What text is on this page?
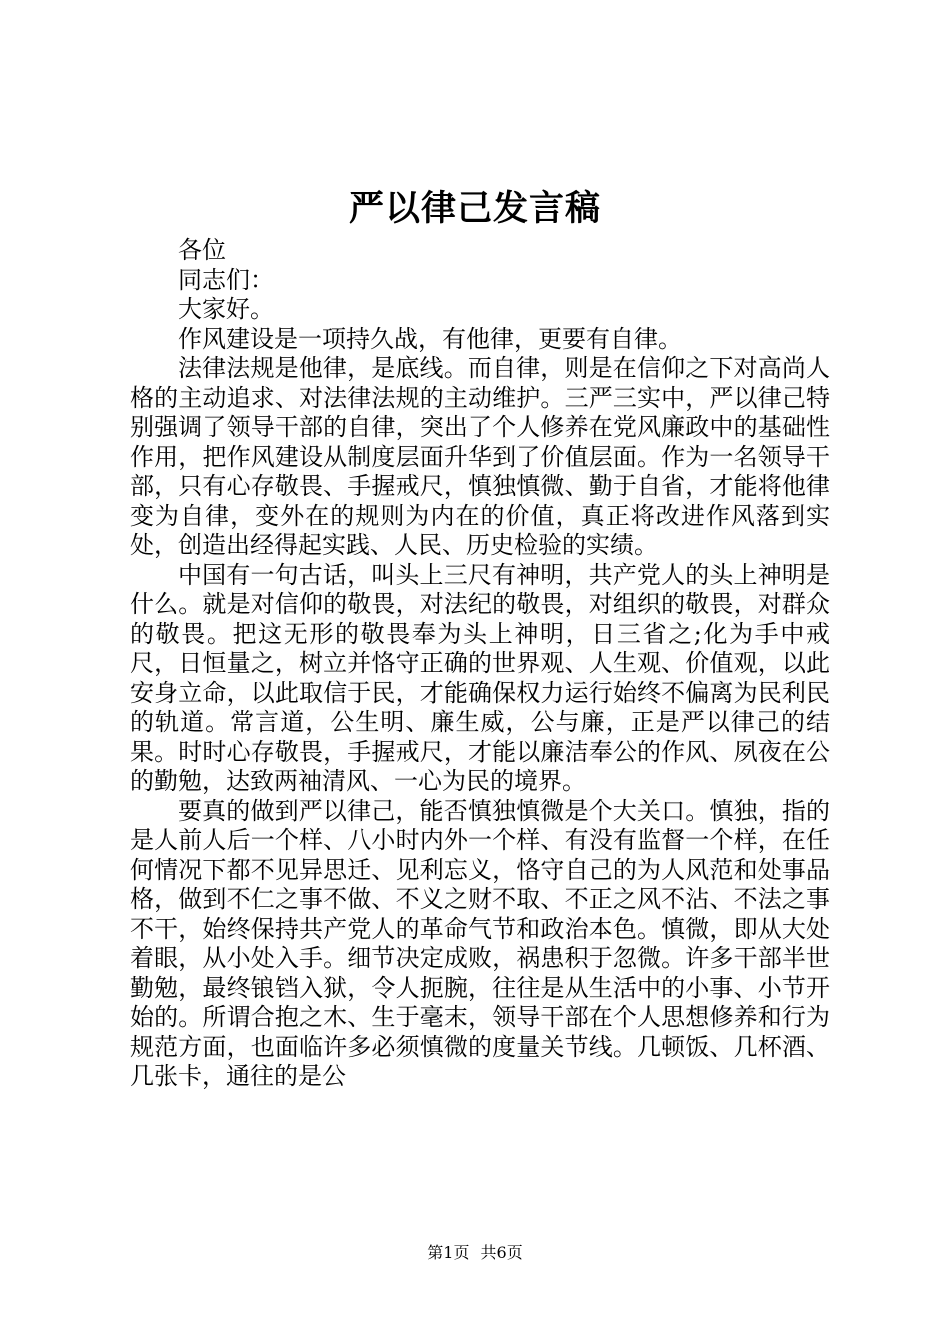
严以律己发言稿

各位

同志们：

大家好。

作风建设是一项持久战，有他律，更要有自律。

法律法规是他律，是底线。而自律，则是在信仰之下对高尚人格的主动追求、对法律法规的主动维护。三严三实中，严以律己特别强调了领导干部的自律，突出了个人修养在党风廉政中的基础性作用，把作风建设从制度层面升华到了价值层面。作为一名领导干部，只有心存敬畏、手握戒尺，慎独慎微、勤于自省，才能将他律变为自律，变外在的规则为内在的价值，真正将改进作风落到实处，创造出经得起实践、人民、历史检验的实绩。

中国有一句古话，叫头上三尺有神明，共产党人的头上神明是什么。就是对信仰的敬畏，对法纪的敬畏，对组织的敬畏，对群众的敬畏。把这无形的敬畏奉为头上神明，日三省之;化为手中戒尺，日恒量之，树立并恪守正确的世界观、人生观、价值观，以此安身立命，以此取信于民，才能确保权力运行始终不偏离为民利民的轨道。常言道，公生明、廉生威，公与廉，正是严以律己的结果。时时心存敬畏，手握戒尺，才能以廉洁奉公的作风、夙夜在公的勤勉，达致两袖清风、一心为民的境界。

要真的做到严以律己，能否慎独慎微是个大关口。慎独，指的是人前人后一个样、八小时内外一个样、有没有监督一个样，在任何情况下都不见异思迁、见利忘义，恪守自己的为人风范和处事品格，做到不仁之事不做、不义之财不取、不正之风不沾、不法之事不干，始终保持共产党人的革命气节和政治本色。慎微，即从大处着眼，从小处入手。细节决定成败，祸患积于忽微。许多干部半世勤勉，最终锒铛入狱，令人扼腕，往往是从生活中的小事、小节开始的。所谓合抱之木、生于毫末，领导干部在个人思想修养和行为规范方面，也面临许多必须慎微的度量关节线。几顿饭、几杯酒、几张卡，通往的是公

第1页 共6页
